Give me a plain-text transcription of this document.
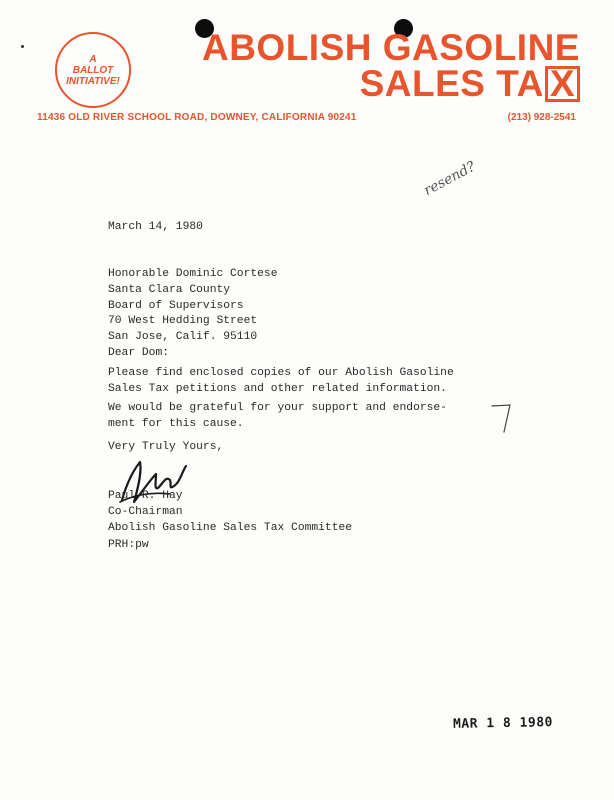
A
BALLOT
INITIATIVE!
ABOLISH GASOLINE
SALES TA X
11436 OLD RIVER SCHOOL ROAD, DOWNEY, CALIFORNIA 90241	(213) 928-2541
resend?
March 14, 1980
Honorable Dominic Cortese
Santa Clara County
Board of Supervisors
70 West Hedding Street
San Jose, Calif. 95110
Dear Dom:
Please find enclosed copies of our Abolish Gasoline
Sales Tax petitions and other related information.
We would be grateful for your support and endorse-
ment for this cause.
Very Truly Yours,
Paul R. Hay
Co-Chairman
Abolish Gasoline Sales Tax Committee
PRH:pw
MAR 1 8 1980
